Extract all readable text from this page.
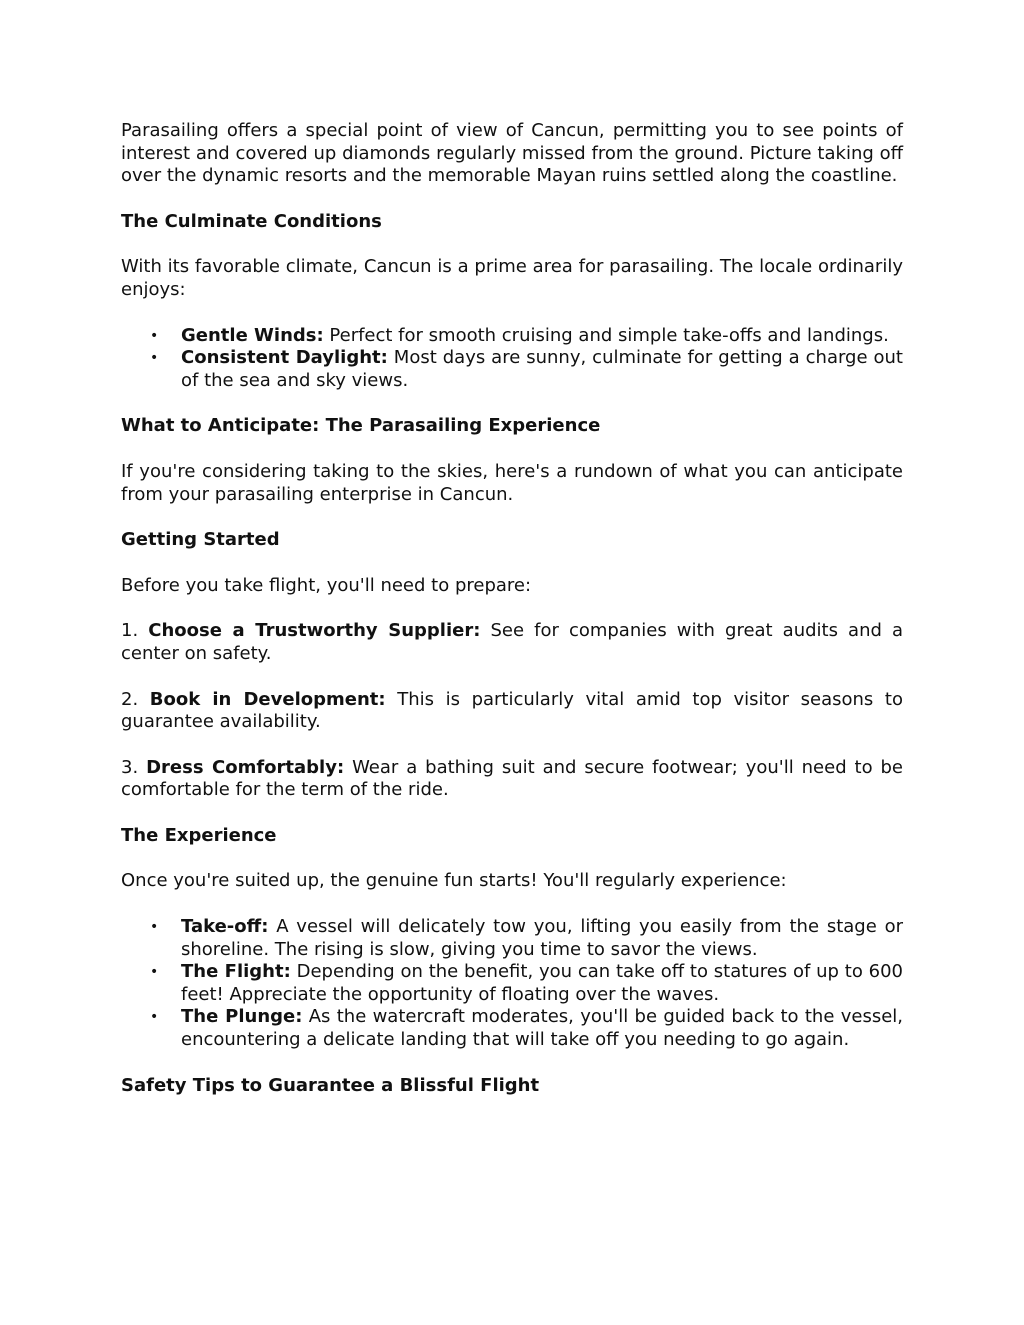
Parasailing offers a special point of view of Cancun, permitting you to see points of interest and covered up diamonds regularly missed from the ground. Picture taking off over the dynamic resorts and the memorable Mayan ruins settled along the coastline.

The Culminate Conditions

With its favorable climate, Cancun is a prime area for parasailing. The locale ordinarily enjoys:

• Gentle Winds: Perfect for smooth cruising and simple take-offs and landings.
• Consistent Daylight: Most days are sunny, culminate for getting a charge out of the sea and sky views.
What to Anticipate: The Parasailing Experience

If you're considering taking to the skies, here's a rundown of what you can anticipate from your parasailing enterprise in Cancun.

Getting Started

Before you take flight, you'll need to prepare:

1. Choose a Trustworthy Supplier: See for companies with great audits and a center on safety.

2. Book in Development: This is particularly vital amid top visitor seasons to guarantee availability.

3. Dress Comfortably: Wear a bathing suit and secure footwear; you'll need to be comfortable for the term of the ride.

The Experience

Once you're suited up, the genuine fun starts! You'll regularly experience:

• Take-off: A vessel will delicately tow you, lifting you easily from the stage or shoreline. The rising is slow, giving you time to savor the views.
• The Flight: Depending on the benefit, you can take off to statures of up to 600 feet! Appreciate the opportunity of floating over the waves.
• The Plunge: As the watercraft moderates, you'll be guided back to the vessel, encountering a delicate landing that will take off you needing to go again.
Safety Tips to Guarantee a Blissful Flight
